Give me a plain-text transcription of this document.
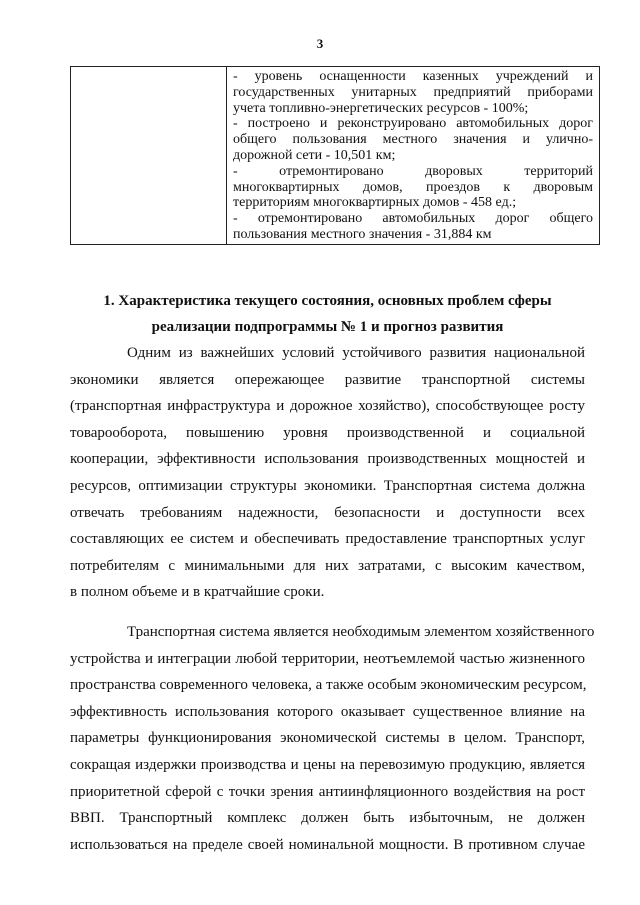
3

- уровень оснащенности казенных учреждений и
государственных унитарных предприятий приборами
учета топливно-энергетических ресурсов - 100%;
- построено и реконструировано автомобильных дорог
общего пользования местного значения и улично-
дорожной сети - 10,501 км;
- отремонтировано дворовых территорий
многоквартирных домов, проездов к дворовым
территориям многоквартирных домов - 458 ед.;
- отремонтировано автомобильных дорог общего
пользования местного значения - 31,884 км
1. Характеристика текущего состояния, основных проблем сферы
реализации подпрограммы № 1 и прогноз развития

Одним из важнейших условий устойчивого развития национальной
экономики является опережающее развитие транспортной системы
(транспортная инфраструктура и дорожное хозяйство), способствующее росту
товарооборота, повышению уровня производственной и социальной
кооперации, эффективности использования производственных мощностей и
ресурсов, оптимизации структуры экономики. Транспортная система должна
отвечать требованиям надежности, безопасности и доступности всех
составляющих ее систем и обеспечивать предоставление транспортных услуг
потребителям с минимальными для них затратами, с высоким качеством,
в полном объеме и в кратчайшие сроки.

Транспортная система является необходимым элементом хозяйственного
устройства и интеграции любой территории, неотъемлемой частью жизненного
пространства современного человека, а также особым экономическим ресурсом,
эффективность использования которого оказывает существенное влияние на
параметры функционирования экономической системы в целом. Транспорт,
сокращая издержки производства и цены на перевозимую продукцию, является
приоритетной сферой с точки зрения антиинфляционного воздействия на рост
ВВП. Транспортный комплекс должен быть избыточным, не должен
использоваться на пределе своей номинальной мощности. В противном случае
